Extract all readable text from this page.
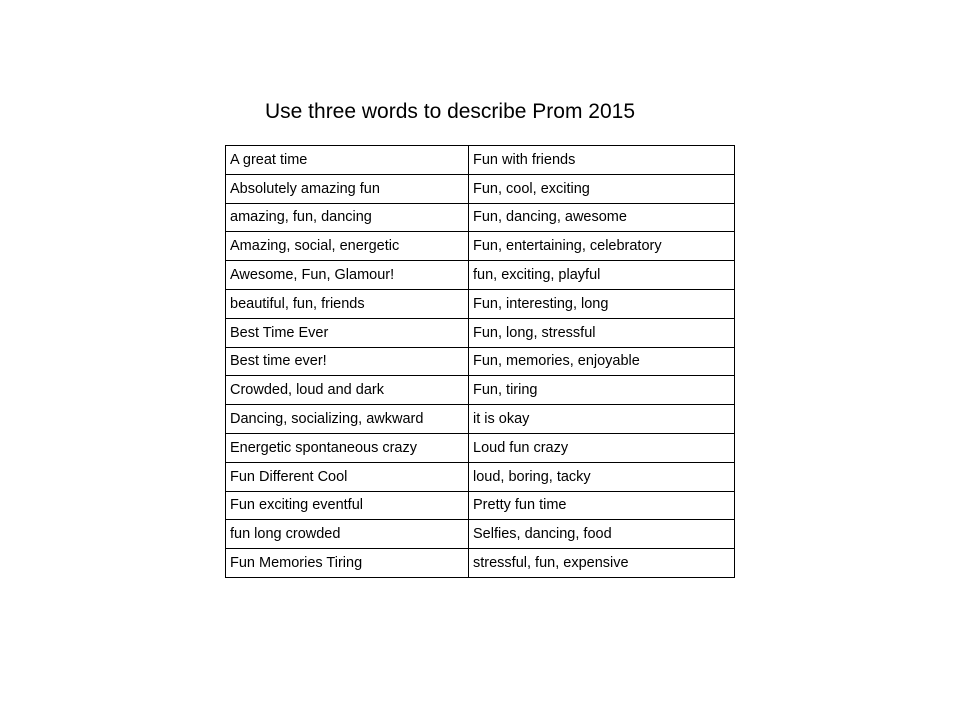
Use three words to describe Prom 2015
A great time	Fun with friends
Absolutely amazing fun	Fun, cool, exciting
amazing, fun, dancing	Fun, dancing, awesome
Amazing, social, energetic	Fun, entertaining, celebratory
Awesome, Fun, Glamour!	fun, exciting, playful
beautiful, fun, friends	Fun, interesting, long
Best Time Ever	Fun, long, stressful
Best time ever!	Fun, memories, enjoyable
Crowded, loud and dark	Fun, tiring
Dancing, socializing, awkward	it is okay
Energetic spontaneous crazy	Loud fun crazy
Fun Different Cool	loud, boring, tacky
Fun exciting eventful	Pretty fun time
fun long crowded	Selfies, dancing, food
Fun Memories Tiring	stressful, fun, expensive
